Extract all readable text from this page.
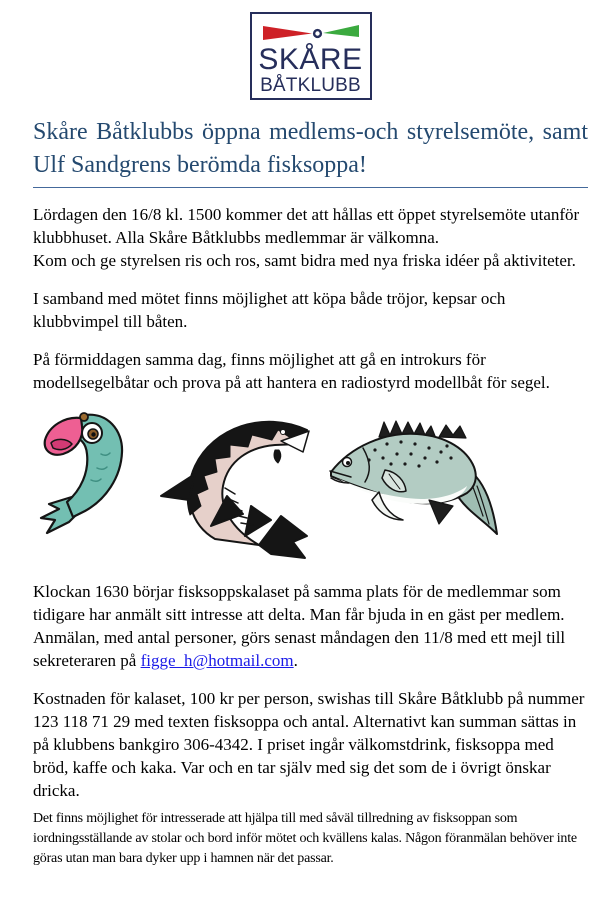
SKÅRE
BÅTKLUBB
Skåre Båtklubbs öppna medlems-och styrelsemöte, samt Ulf Sandgrens berömda fisksoppa!

Lördagen den 16/8 kl. 1500 kommer det att hållas ett öppet styrelsemöte utanför klubbhuset. Alla Skåre Båtklubbs medlemmar är välkomna.
Kom och ge styrelsen ris och ros, samt bidra med nya friska idéer på aktiviteter.

I samband med mötet finns möjlighet att köpa både tröjor, kepsar och klubbvimpel till båten.

På förmiddagen samma dag, finns möjlighet att gå en introkurs för modellsegelbåtar och prova på att hantera en radiostyrd modellbåt för segel.

Klockan 1630 börjar fisksoppskalaset på samma plats för de medlemmar som tidigare har anmält sitt intresse att delta. Man får bjuda in en gäst per medlem. Anmälan, med antal personer, görs senast måndagen den 11/8 med ett mejl till sekreteraren på figge_h@hotmail.com.

Kostnaden för kalaset, 100 kr per person, swishas till Skåre Båtklubb på nummer 123 118 71 29 med texten fisksoppa och antal. Alternativt kan summan sättas in på klubbens bankgiro 306-4342. I priset ingår välkomstdrink, fisksoppa med bröd, kaffe och kaka. Var och en tar själv med sig det som de i övrigt önskar dricka.

Det finns möjlighet för intresserade att hjälpa till med såväl tillredning av fisksoppan som iordningsställande av stolar och bord inför mötet och kvällens kalas. Någon föranmälan behöver inte göras utan man bara dyker upp i hamnen när det passar.
